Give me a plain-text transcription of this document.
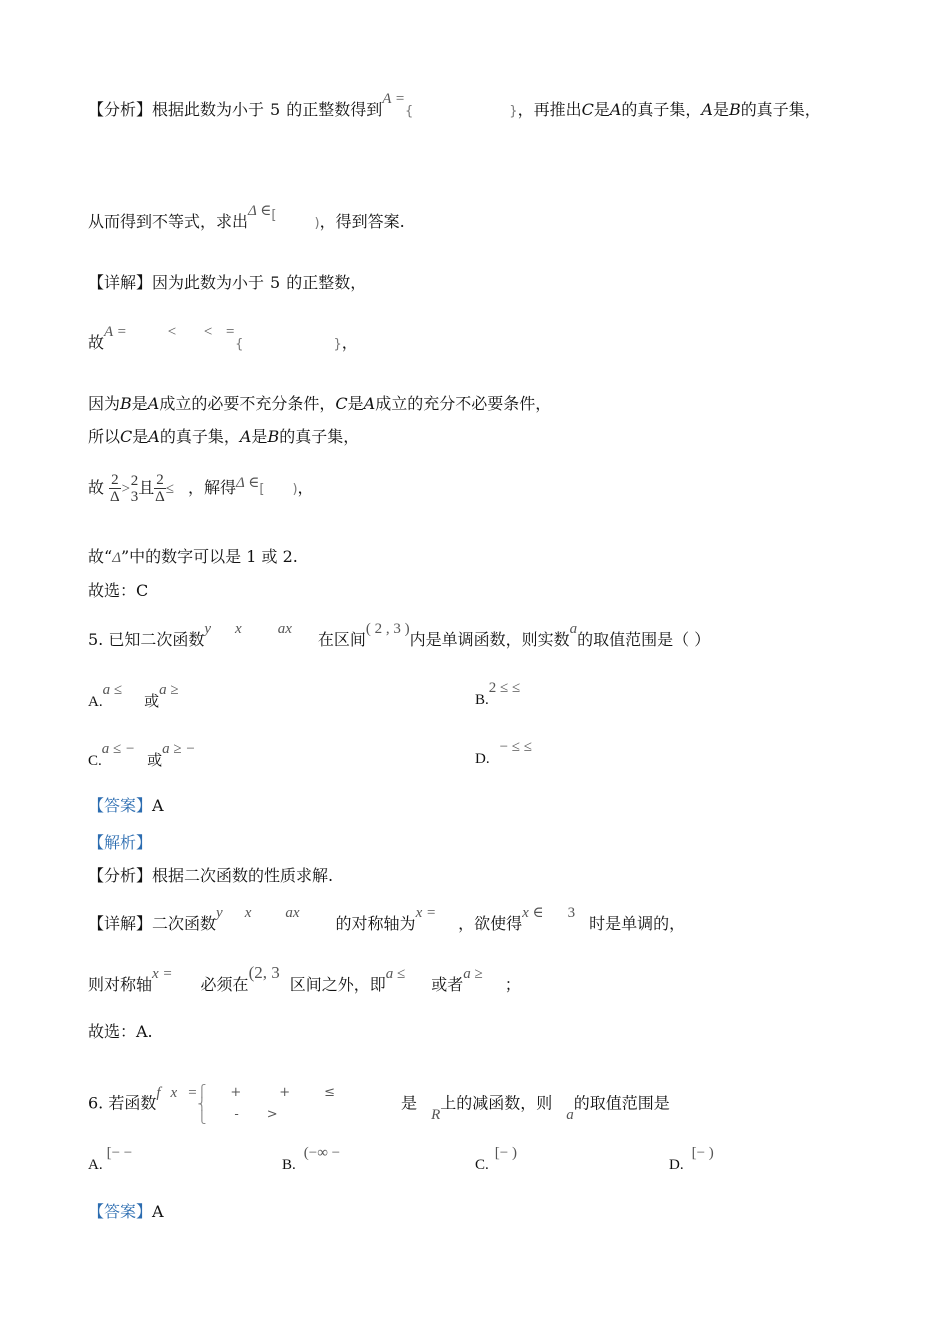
【分析】根据此数为小于 5 的正整数得到A ={	}，再推出C是A的真子集，A是B的真子集，
从而得到不等式，求出Δ ∈[)，得到答案.
【详解】因为此数为小于 5 的正整数，
故A =	< < ={	}，
因为B是A成立的必要不充分条件，C是A成立的充分不必要条件，
所以C是A的真子集，A是B的真子集，
故 $\frac{2}{\Delta}$ >
2
3 且 $\frac{2}{\Delta}$ ≤ ，解得Δ ∈[ )，
故“Δ”中的数字可以是 1 或 2.
故选：C
5. 已知二次函数y x ax在区间( 2 , 3 )内是单调函数，则实数a的取值范围是（ ）
A.a ≤或a ≥
B.2 ≤ ≤
C.a ≤ −或a ≥ −
D.− ≤ ≤
【答案】A
【解析】
【分析】根据二次函数的性质求解.
【详解】二次函数y x ax的对称轴为x =，欲使得x ∈ 3时是单调的，
则对称轴x =必须在(2, 3区间之外，即a ≤或者a ≥；
故选：A.
6. 若函数f x =⎧
⎨
⎩
+	+	≤
- >
是R上的减函数，则a的取值范围是
A.[− −
B.(−∞ −
C.[− )
D.[− )
【答案】A
